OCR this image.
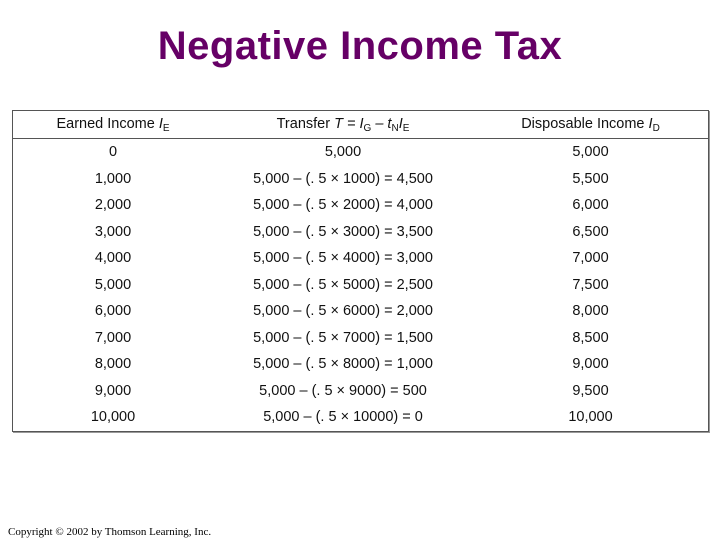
Negative Income Tax
Earned Income $I_E$	Transfer $T = I_G - t_NI_E$	Disposable Income $I_D$
0	5,000	5,000
1,000	5,000 – (. 5 × 1000) = 4,500	5,500
2,000	5,000 – (. 5 × 2000) = 4,000	6,000
3,000	5,000 – (. 5 × 3000) = 3,500	6,500
4,000	5,000 – (. 5 × 4000) = 3,000	7,000
5,000	5,000 – (. 5 × 5000) = 2,500	7,500
6,000	5,000 – (. 5 × 6000) = 2,000	8,000
7,000	5,000 – (. 5 × 7000) = 1,500	8,500
8,000	5,000 – (. 5 × 8000) = 1,000	9,000
9,000	5,000 – (. 5 × 9000) = 500	9,500
10,000	5,000 – (. 5 × 10000) = 0	10,000
Copyright © 2002 by Thomson Learning, Inc.
